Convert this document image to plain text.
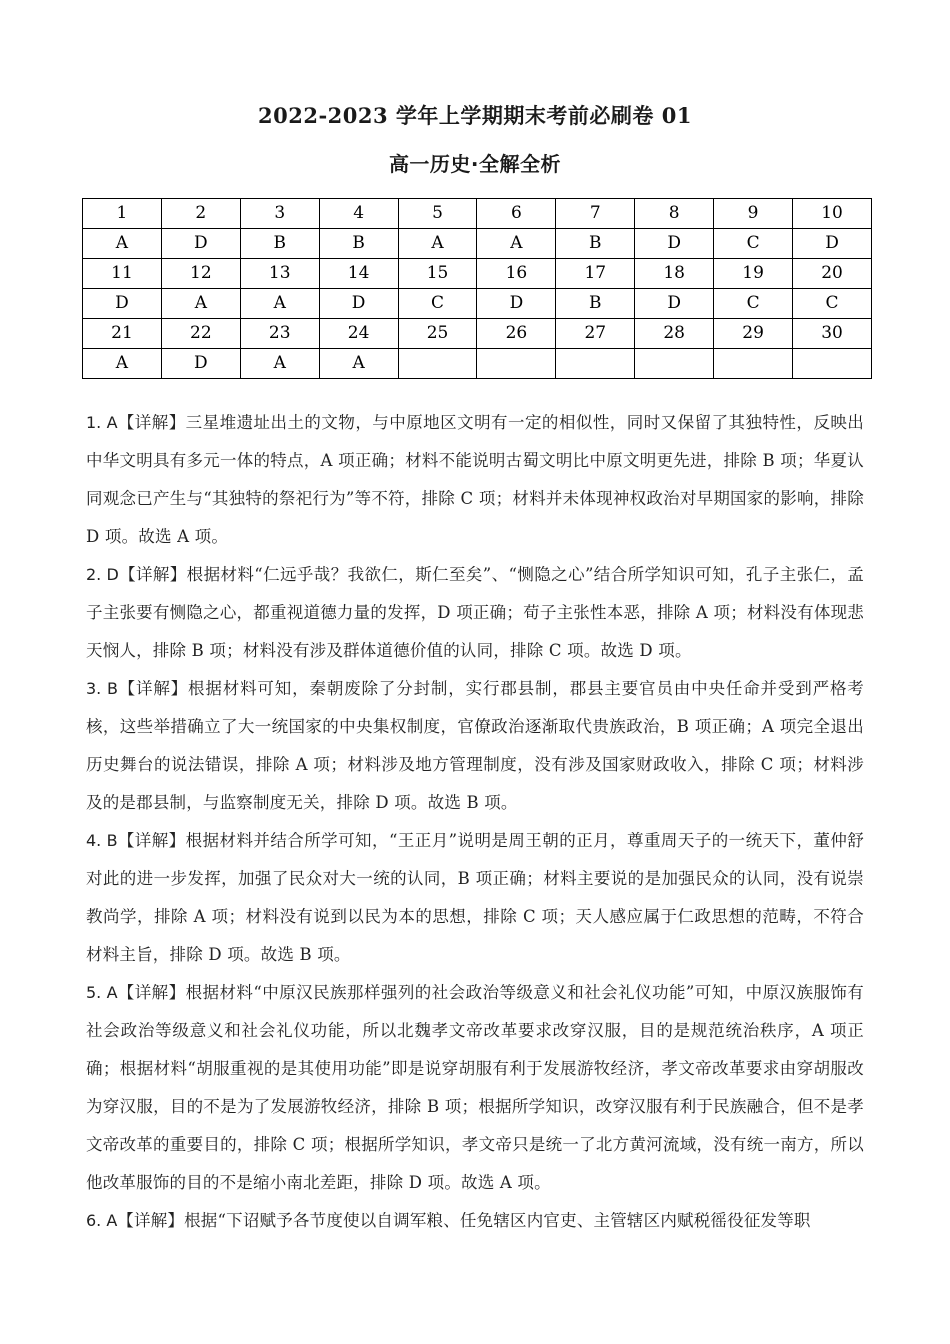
2022-2023 学年上学期期末考前必刷卷 01
高一历史·全解全析
1	2	3	4	5	6	7	8	9	10
A	D	B	B	A	A	B	D	C	D
11	12	13	14	15	16	17	18	19	20
D	A	A	D	C	D	B	D	C	C
21	22	23	24	25	26	27	28	29	30
A	D	A	A						
1. A【详解】三星堆遗址出土的文物，与中原地区文明有一定的相似性，同时又保留了其独特性，反映出中华文明具有多元一体的特点，A 项正确；材料不能说明古蜀文明比中原文明更先进，排除 B 项；华夏认同观念已产生与“其独特的祭祀行为”等不符，排除 C 项；材料并未体现神权政治对早期国家的影响，排除 D 项。故选 A 项。
2. D【详解】根据材料“仁远乎哉？我欲仁，斯仁至矣”、“恻隐之心”结合所学知识可知，孔子主张仁，孟子主张要有恻隐之心，都重视道德力量的发挥，D 项正确；荀子主张性本恶，排除 A 项；材料没有体现悲天悯人，排除 B 项；材料没有涉及群体道德价值的认同，排除 C 项。故选 D 项。
3. B【详解】根据材料可知，秦朝废除了分封制，实行郡县制，郡县主要官员由中央任命并受到严格考核，这些举措确立了大一统国家的中央集权制度，官僚政治逐渐取代贵族政治，B 项正确；A 项完全退出历史舞台的说法错误，排除 A 项；材料涉及地方管理制度，没有涉及国家财政收入，排除 C 项；材料涉及的是郡县制，与监察制度无关，排除 D 项。故选 B 项。
4. B【详解】根据材料并结合所学可知，“王正月”说明是周王朝的正月，尊重周天子的一统天下，董仲舒对此的进一步发挥，加强了民众对大一统的认同，B 项正确；材料主要说的是加强民众的认同，没有说崇教尚学，排除 A 项；材料没有说到以民为本的思想，排除 C 项；天人感应属于仁政思想的范畴，不符合材料主旨，排除 D 项。故选 B 项。
5. A【详解】根据材料“中原汉民族那样强列的社会政治等级意义和社会礼仪功能”可知，中原汉族服饰有社会政治等级意义和社会礼仪功能，所以北魏孝文帝改革要求改穿汉服，目的是规范统治秩序，A 项正确；根据材料“胡服重视的是其使用功能”即是说穿胡服有利于发展游牧经济，孝文帝改革要求由穿胡服改为穿汉服，目的不是为了发展游牧经济，排除 B 项；根据所学知识，改穿汉服有利于民族融合，但不是孝文帝改革的重要目的，排除 C 项；根据所学知识，孝文帝只是统一了北方黄河流域，没有统一南方，所以他改革服饰的目的不是缩小南北差距，排除 D 项。故选 A 项。
6. A【详解】根据“下诏赋予各节度使以自调军粮、任免辖区内官吏、主管辖区内赋税徭役征发等职
